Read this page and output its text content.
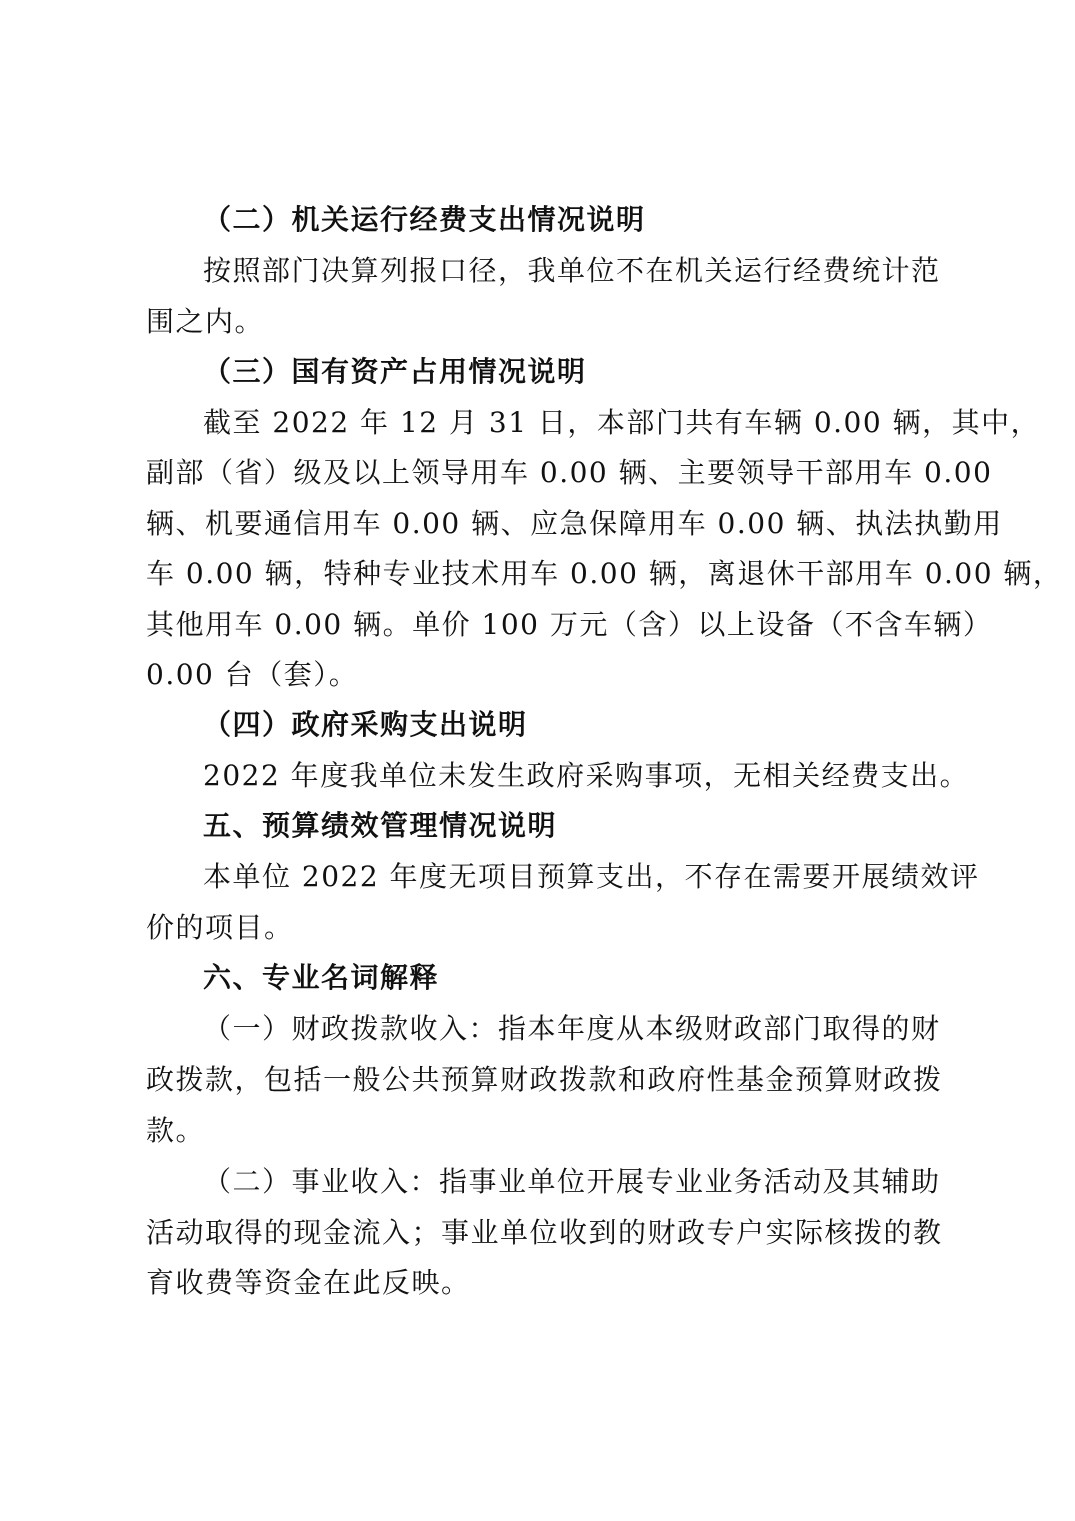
（二）机关运行经费支出情况说明
按照部门决算列报口径，我单位不在机关运行经费统计范
围之内。
（三）国有资产占用情况说明
截至 2022 年 12 月 31 日，本部门共有车辆 0.00 辆，其中，
副部（省）级及以上领导用车 0.00 辆、主要领导干部用车 0.00
辆、机要通信用车 0.00 辆、应急保障用车 0.00 辆、执法执勤用
车 0.00 辆，特种专业技术用车 0.00 辆，离退休干部用车 0.00 辆，
其他用车 0.00 辆。单价 100 万元（含）以上设备（不含车辆）
0.00 台（套）。
（四）政府采购支出说明
2022 年度我单位未发生政府采购事项，无相关经费支出。
五、预算绩效管理情况说明
本单位 2022 年度无项目预算支出，不存在需要开展绩效评
价的项目。
六、专业名词解释
（一）财政拨款收入：指本年度从本级财政部门取得的财
政拨款，包括一般公共预算财政拨款和政府性基金预算财政拨
款。
（二）事业收入：指事业单位开展专业业务活动及其辅助
活动取得的现金流入；事业单位收到的财政专户实际核拨的教
育收费等资金在此反映。
